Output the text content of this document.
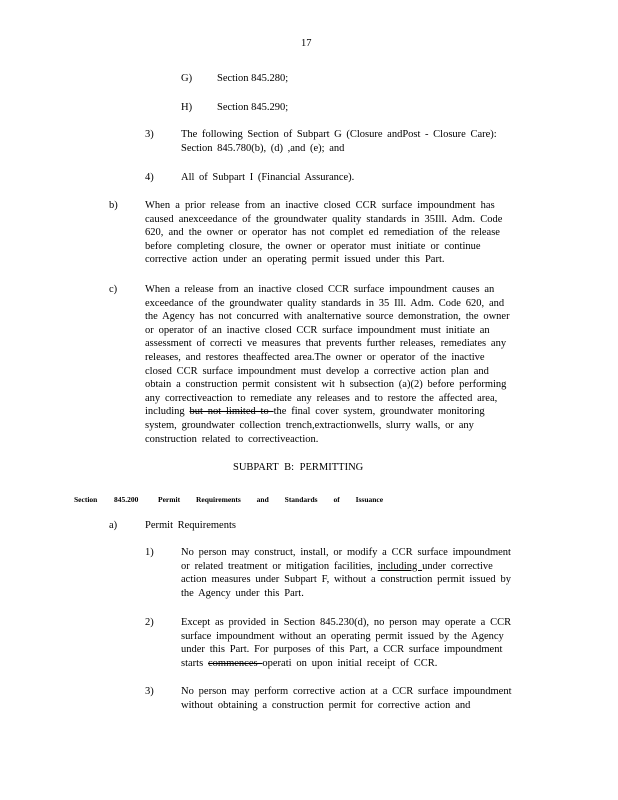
17
G) Section 845.280;
H) Section 845.290;
3)	The following Section of Subpart G (Closure andPost - Closure Care):
Section 845.780(b), (d) ,and (e); and
4)	All of Subpart I (Financial Assurance).
b)	When a prior release from an inactive closed CCR surface impoundment has
caused anexceedance of the groundwater quality standards in 35Ill. Adm. Code
620, and the owner or operator has not complet ed remediation of the release
before completing closure, the owner or operator must initiate or continue
corrective action under an operating permit issued under this Part.
c)	When a release from an inactive closed CCR surface impoundment causes an
exceedance of the groundwater quality standards in 35 Ill. Adm. Code 620, and
the Agency has not concurred with analternative source demonstration, the owner
or operator of an inactive closed CCR surface impoundment must initiate an
assessment of correcti ve measures that prevents further releases, remediates any
releases, and restores theaffected area.The owner or operator of the inactive
closed CCR surface impoundment must develop a corrective action plan and
obtain a construction permit consistent wit h subsection (a)(2) before performing
any correctiveaction to remediate any releases and to restore the affected area,
including but not limited to the final cover system, groundwater monitoring
system, groundwater collection trench,extractionwells, slurry walls, or any
construction related to correctiveaction.
SUBPART B: PERMITTING
Section 845.200	Permit Requirements and Standards of Issuance
a)	Permit Requirements
1)	No person may construct, install, or modify a CCR surface impoundment
or related treatment or mitigation facilities, including under corrective
action measures under Subpart F, without a construction permit issued by
the Agency under this Part.
2)	Except as provided in Section 845.230(d), no person may operate a CCR
surface impoundment without an operating permit issued by the Agency
under this Part. For purposes of this Part, a CCR surface impoundment
starts commences operati on upon initial receipt of CCR.
3)	No person may perform corrective action at a CCR surface impoundment
without obtaining a construction permit for corrective action and
